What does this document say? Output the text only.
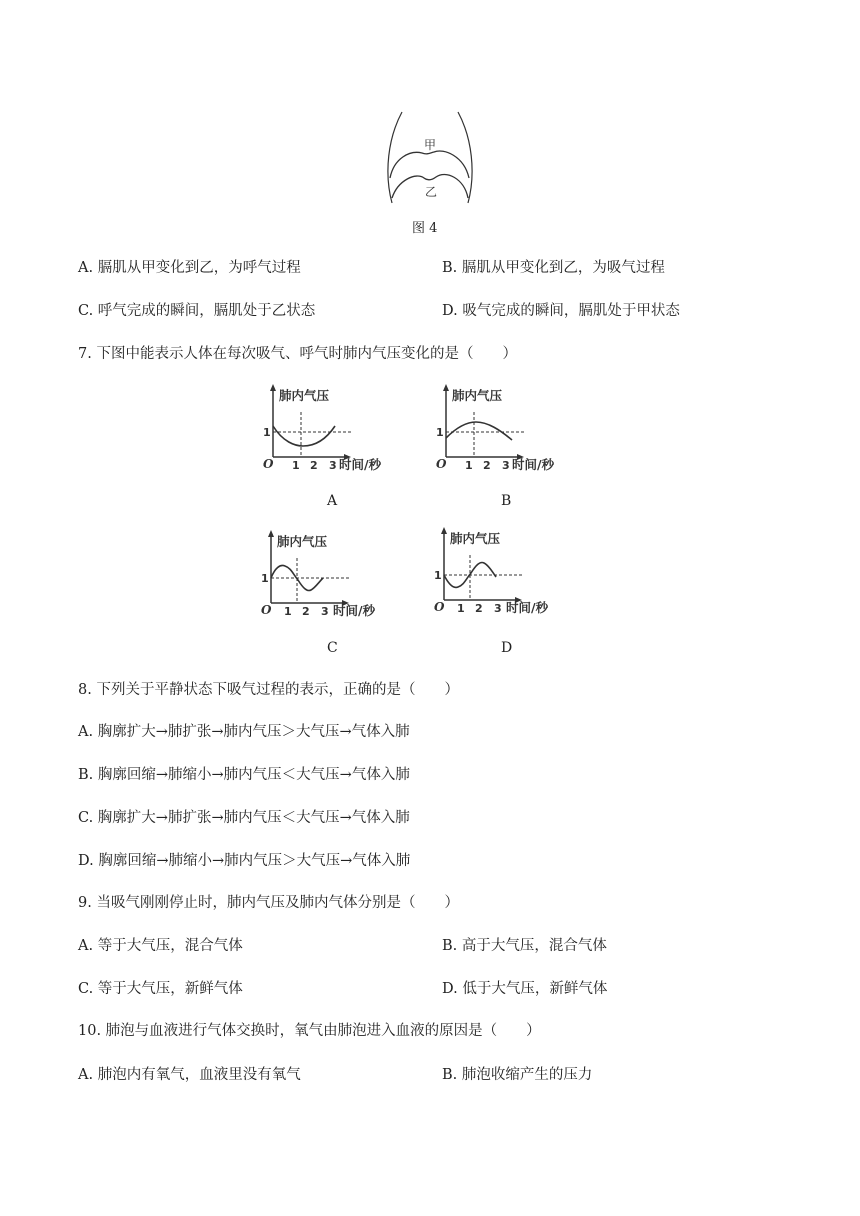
甲
乙
图 4
A. 膈肌从甲变化到乙，为呼气过程	B. 膈肌从甲变化到乙，为吸气过程
C. 呼气完成的瞬间，膈肌处于乙状态	D. 吸气完成的瞬间，膈肌处于甲状态
7. 下图中能表示人体在每次吸气、呼气时肺内气压变化的是（　　）
肺内气压
1
O 1 2 3 时间/秒
A
肺内气压
1
O 1 2 3 时间/秒
B
肺内气压
1
O 1 2 3 时间/秒
C
肺内气压
1
O 1 2 3 时间/秒
D
8. 下列关于平静状态下吸气过程的表示，正确的是（　　）
A. 胸廓扩大→肺扩张→肺内气压＞大气压→气体入肺
B. 胸廓回缩→肺缩小→肺内气压＜大气压→气体入肺
C. 胸廓扩大→肺扩张→肺内气压＜大气压→气体入肺
D. 胸廓回缩→肺缩小→肺内气压＞大气压→气体入肺
9. 当吸气刚刚停止时，肺内气压及肺内气体分别是（　　）
A. 等于大气压，混合气体	B. 高于大气压，混合气体
C. 等于大气压，新鲜气体	D. 低于大气压，新鲜气体
10. 肺泡与血液进行气体交换时，氧气由肺泡进入血液的原因是（　　）
A. 肺泡内有氧气，血液里没有氧气	B. 肺泡收缩产生的压力
